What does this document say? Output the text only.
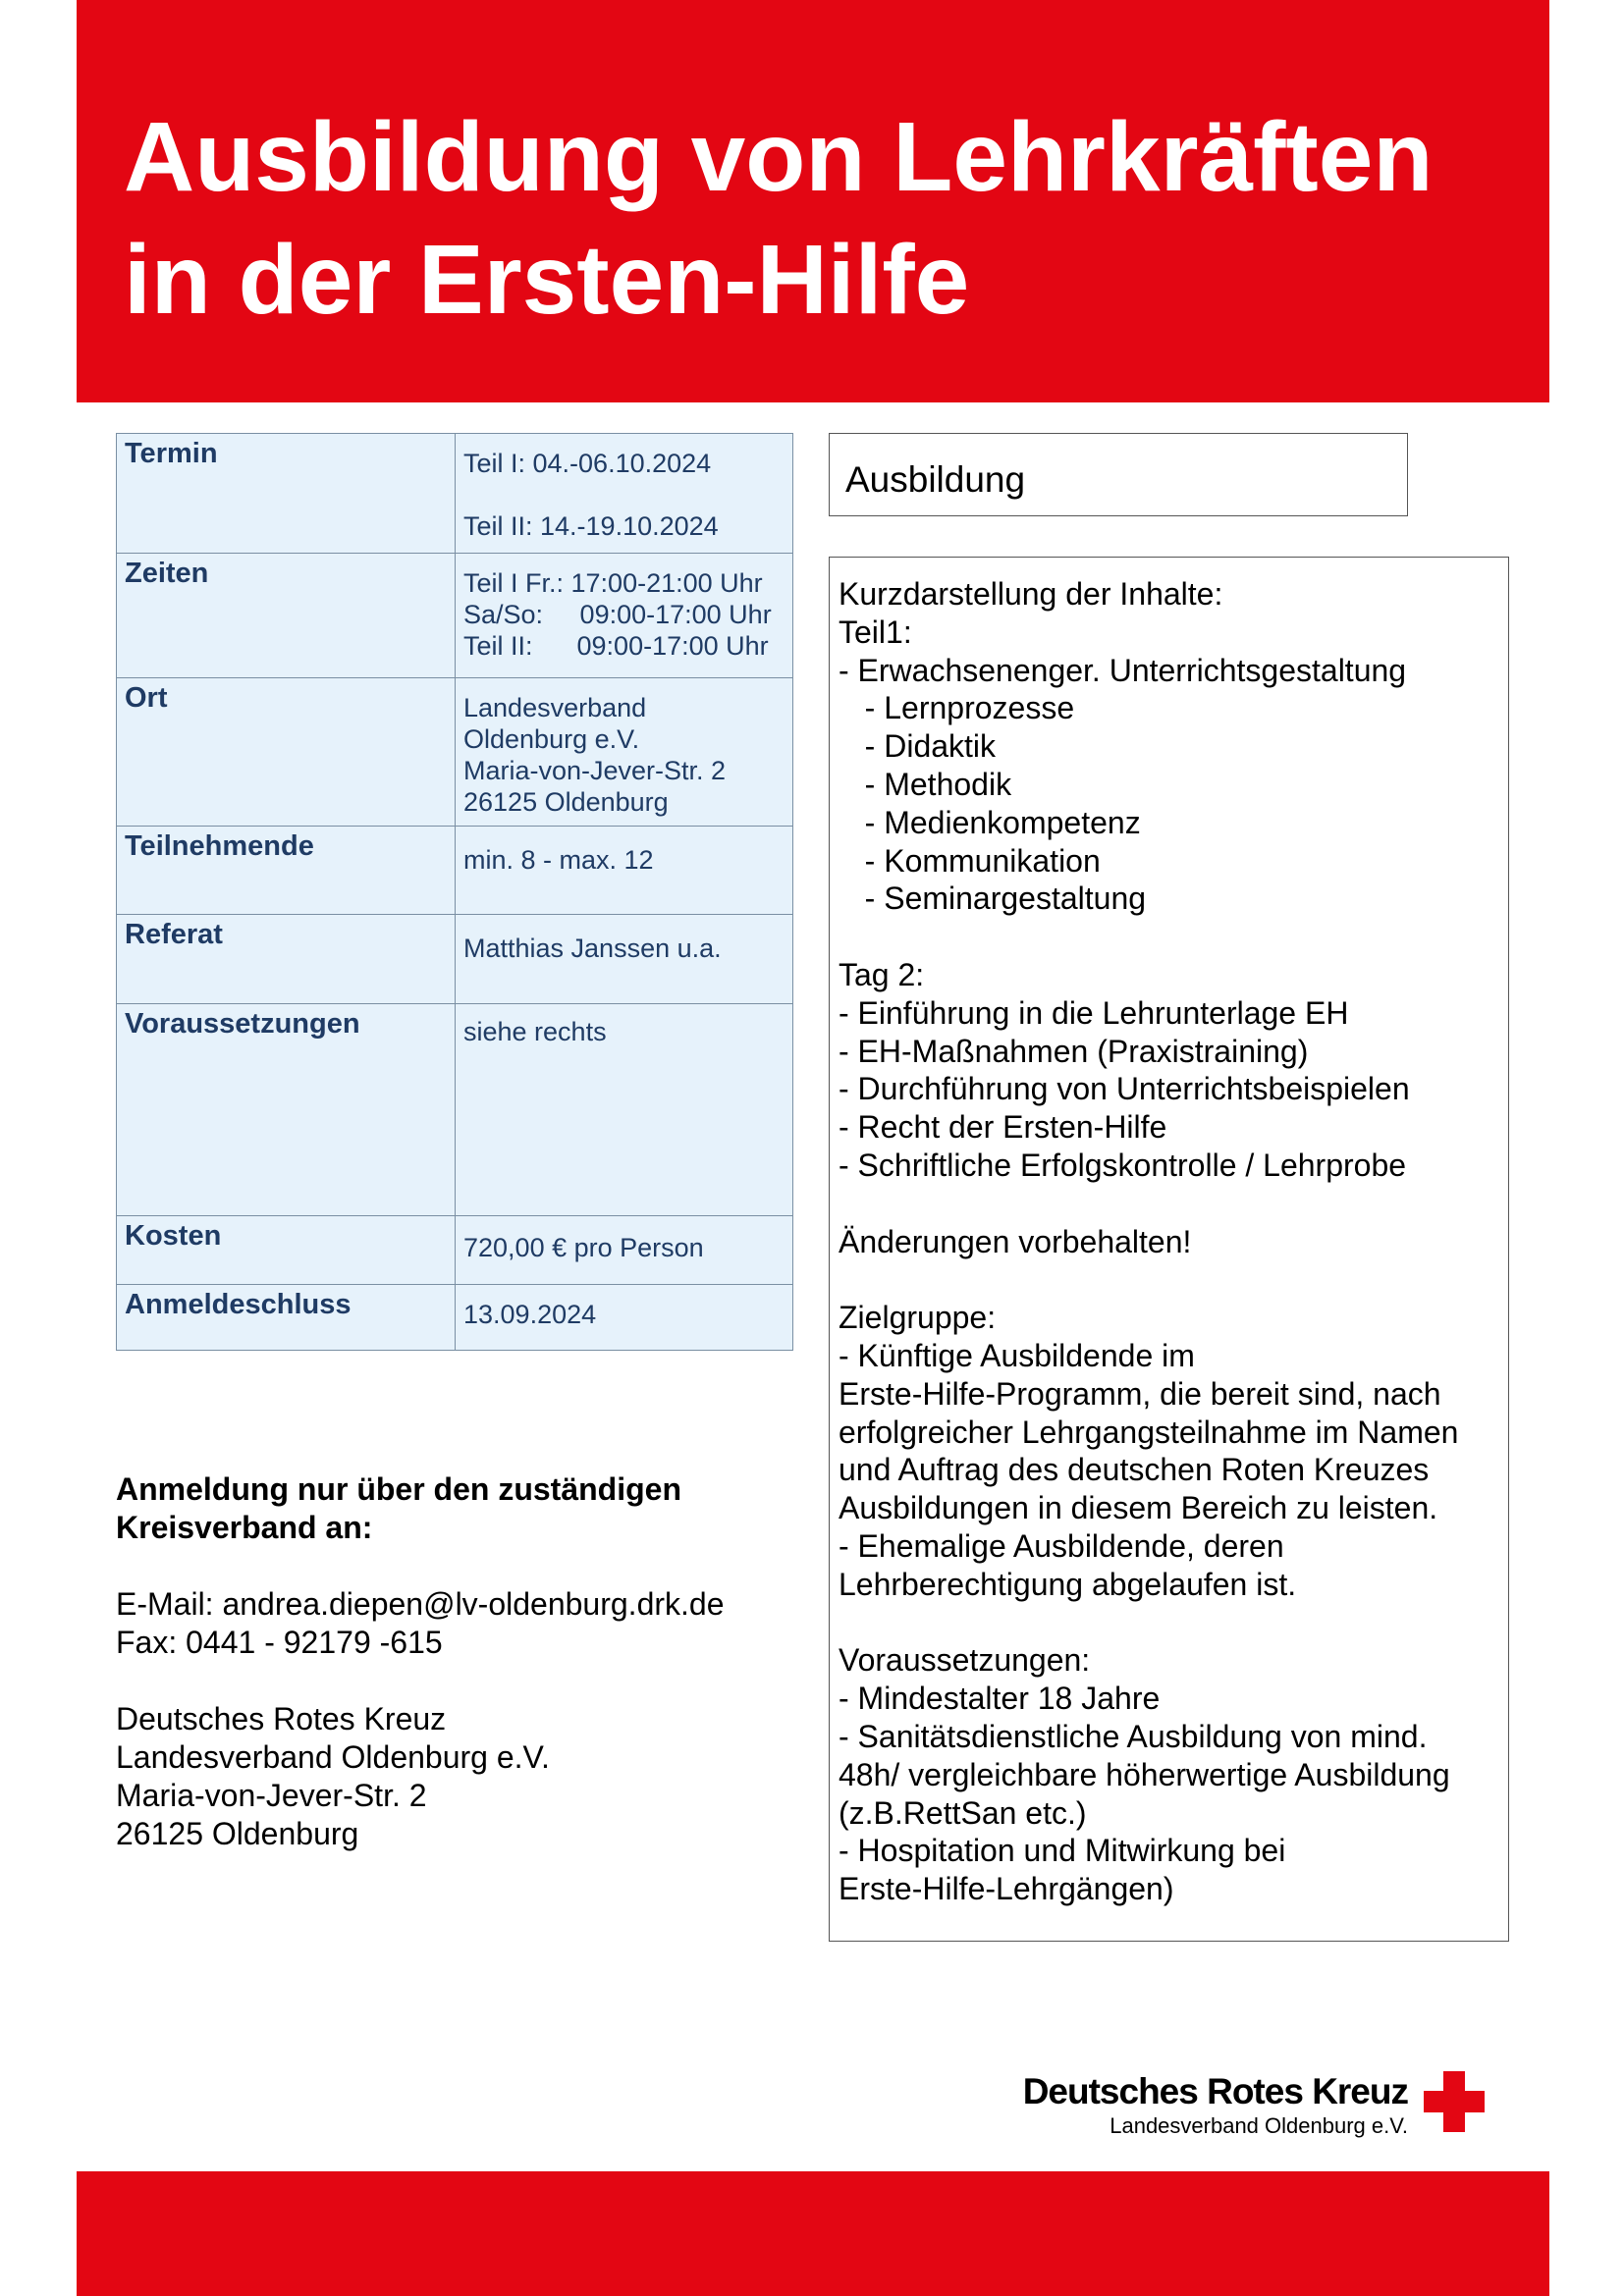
Ausbildung von Lehrkräften
in der Ersten-Hilfe
Termin	Teil I: 04.-06.10.2024
Teil II: 14.-19.10.2024

Zeiten	Teil I Fr.: 17:00-21:00 Uhr
Sa/So:     09:00-17:00 Uhr
Teil II:      09:00-17:00 Uhr

Ort	Landesverband
Oldenburg e.V.
Maria-von-Jever-Str. 2
26125 Oldenburg

Teilnehmende	min. 8 - max. 12

Referat	Matthias Janssen u.a.

Voraussetzungen	siehe rechts

Kosten	720,00 € pro Person

Anmeldeschluss	13.09.2024
Anmeldung nur über den zuständigen
Kreisverband an:
E-Mail: andrea.diepen@lv-oldenburg.drk.de
Fax: 0441 - 92179 -615
Deutsches Rotes Kreuz
Landesverband Oldenburg e.V.
Maria-von-Jever-Str. 2
26125 Oldenburg
Ausbildung
Kurzdarstellung der Inhalte:
Teil1:
- Erwachsenenger. Unterrichtsgestaltung
- Lernprozesse
- Didaktik
- Methodik
- Medienkompetenz
- Kommunikation
- Seminargestaltung
Tag 2:
- Einführung in die Lehrunterlage EH
- EH-Maßnahmen (Praxistraining)
- Durchführung von Unterrichtsbeispielen
- Recht der Ersten-Hilfe
- Schriftliche Erfolgskontrolle / Lehrprobe
Änderungen vorbehalten!
Zielgruppe:
- Künftige Ausbildende im
Erste-Hilfe-Programm, die bereit sind, nach
erfolgreicher Lehrgangsteilnahme im Namen
und Auftrag des deutschen Roten Kreuzes
Ausbildungen in diesem Bereich zu leisten.
- Ehemalige Ausbildende, deren
Lehrberechtigung abgelaufen ist.
Voraussetzungen:
- Mindestalter 18 Jahre
- Sanitätsdienstliche Ausbildung von mind.
48h/ vergleichbare höherwertige Ausbildung
(z.B.RettSan etc.)
- Hospitation und Mitwirkung bei
Erste-Hilfe-Lehrgängen)
Deutsches Rotes Kreuz
Landesverband Oldenburg e.V.
